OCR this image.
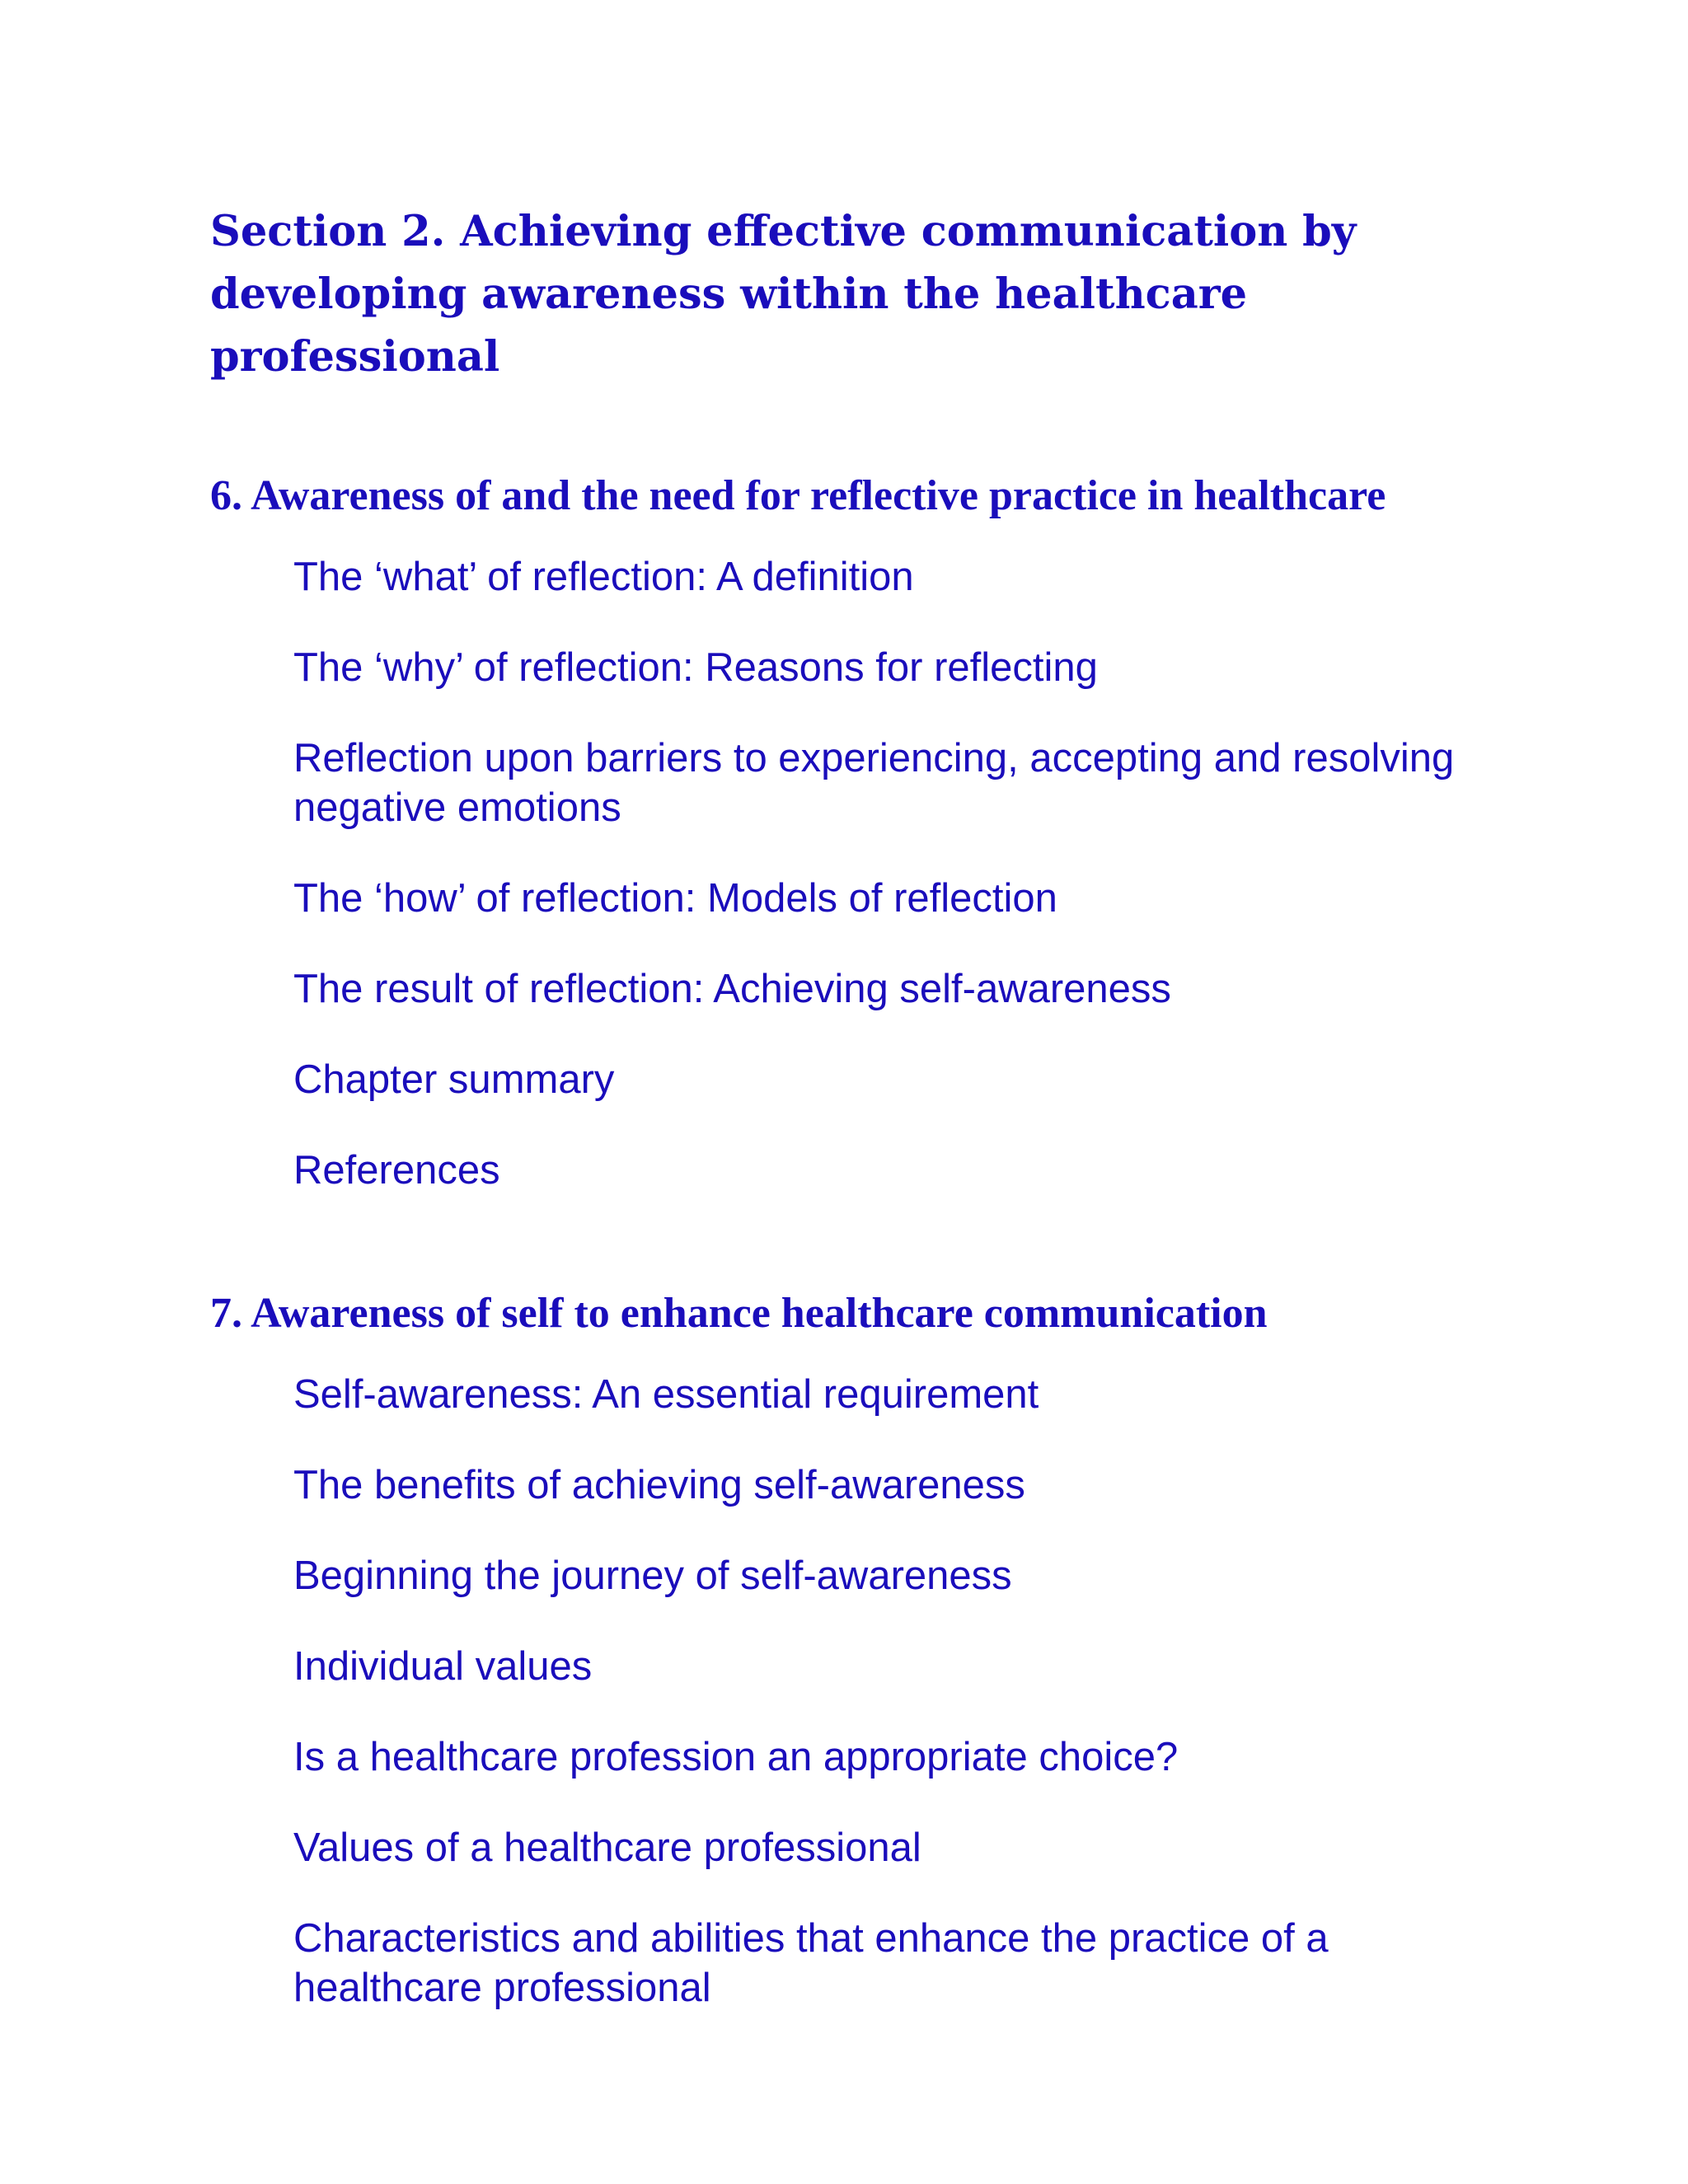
Section 2. Achieving effective communication by developing awareness within the healthcare professional
6. Awareness of and the need for reflective practice in healthcare
The ‘what’ of reflection: A definition
The ‘why’ of reflection: Reasons for reflecting
Reflection upon barriers to experiencing, accepting and resolving negative emotions
The ‘how’ of reflection: Models of reflection
The result of reflection: Achieving self-awareness
Chapter summary
References
7. Awareness of self to enhance healthcare communication
Self-awareness: An essential requirement
The benefits of achieving self-awareness
Beginning the journey of self-awareness
Individual values
Is a healthcare profession an appropriate choice?
Values of a healthcare professional
Characteristics and abilities that enhance the practice of a healthcare professional
